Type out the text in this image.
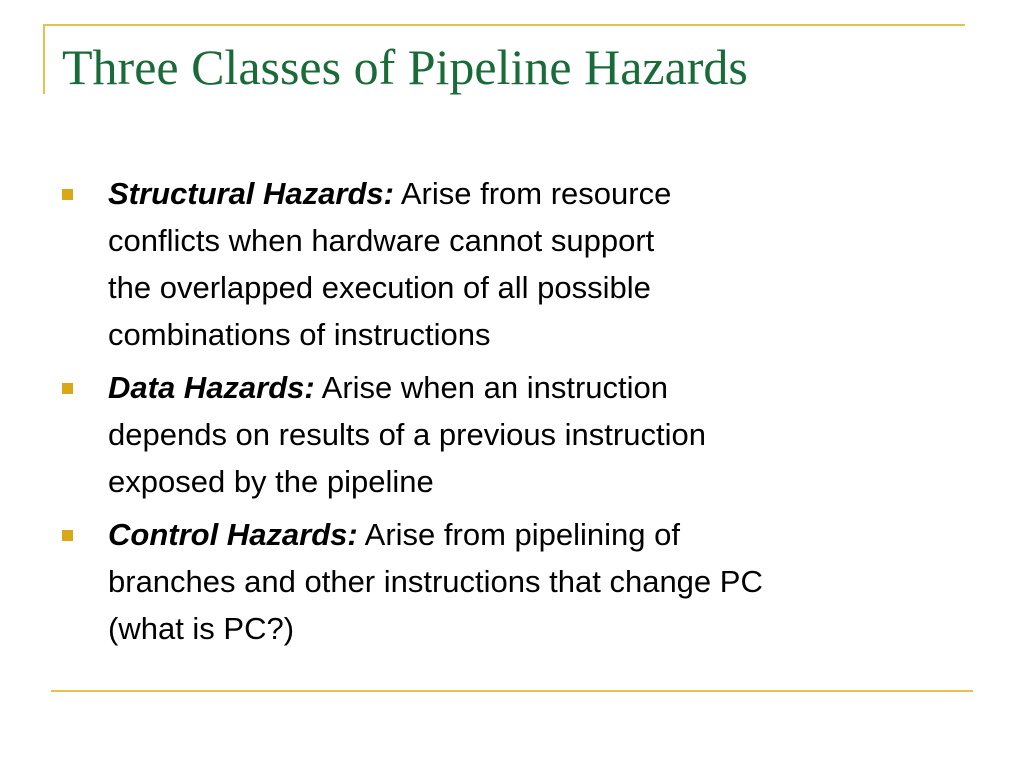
Three Classes of Pipeline Hazards
Structural Hazards: Arise from resource
conflicts when hardware cannot support
the overlapped execution of all possible
combinations of instructions
Data Hazards: Arise when an instruction
depends on results of a previous instruction
exposed by the pipeline
Control Hazards: Arise from pipelining of
branches and other instructions that change PC
(what is PC?)
